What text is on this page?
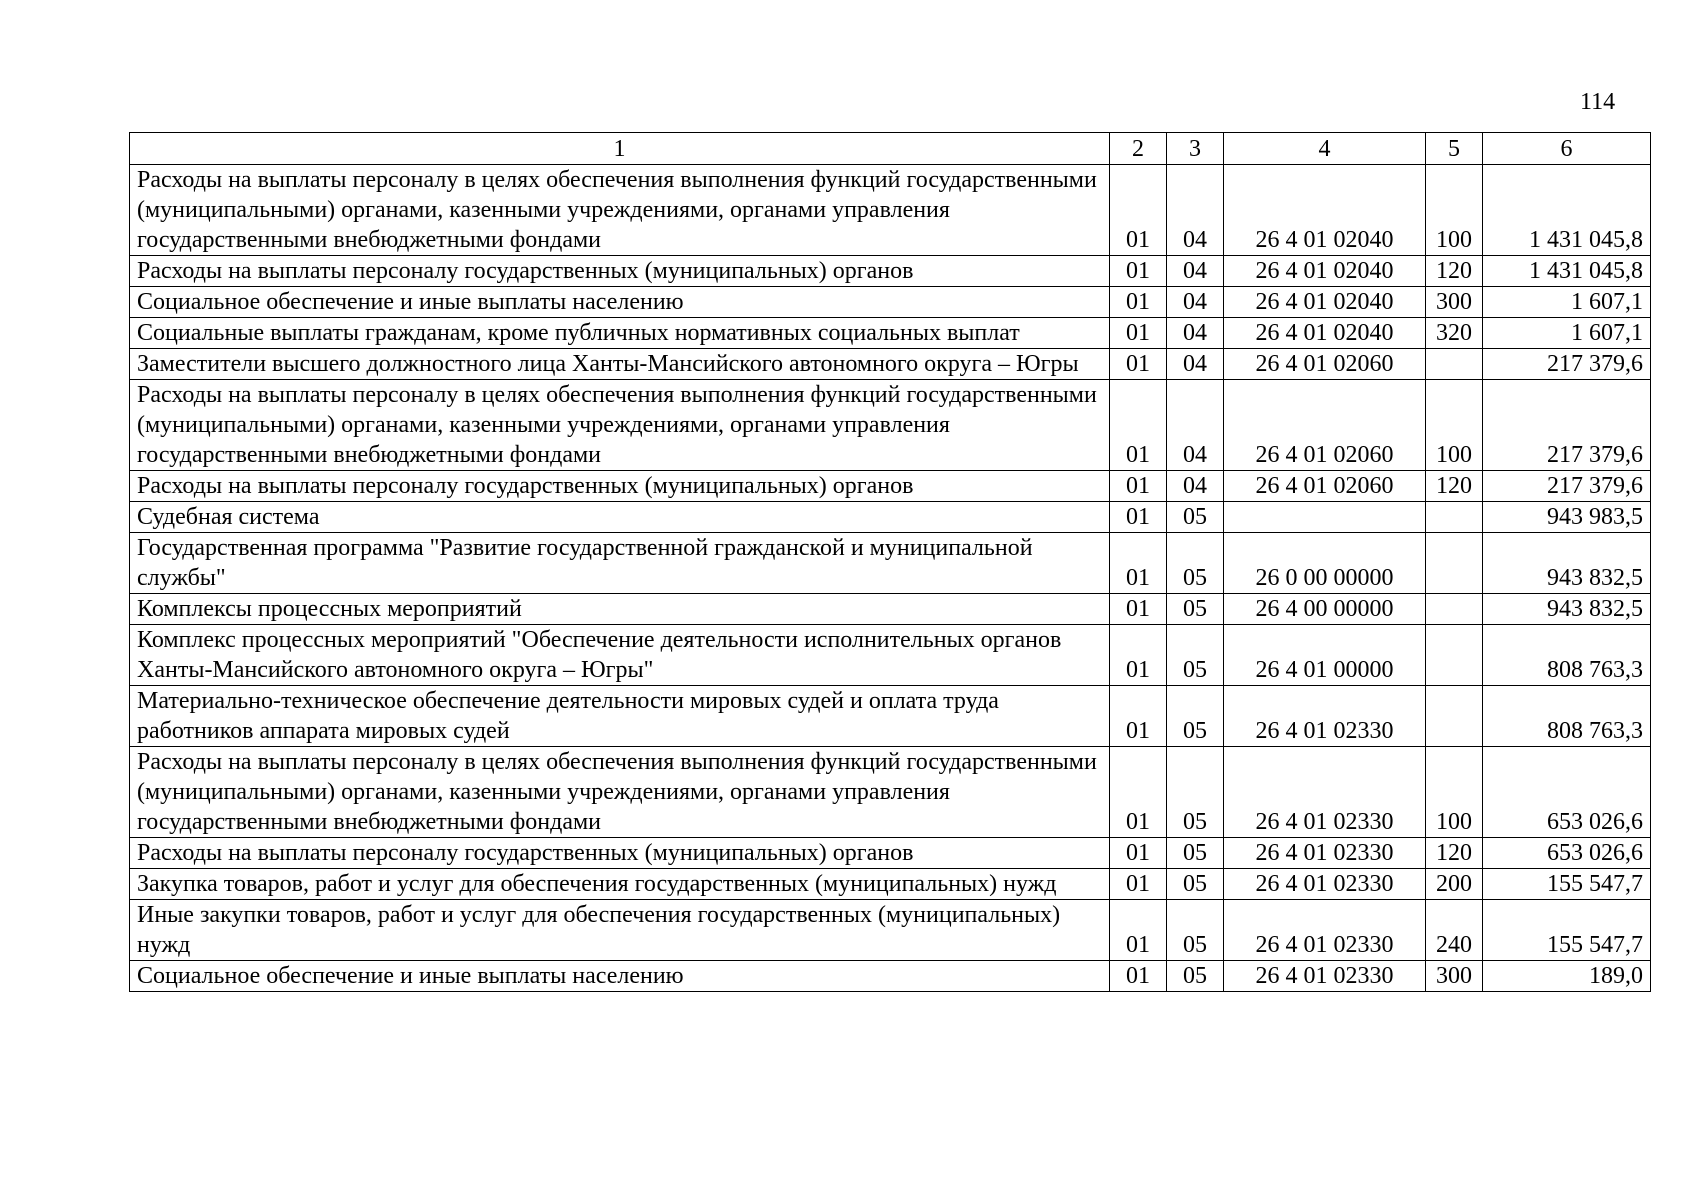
114
1	2	3	4	5	6
Расходы на выплаты персоналу в целях обеспечения выполнения функций государственными (муниципальными) органами, казенными учреждениями, органами управления государственными внебюджетными фондами	01	04	26 4 01 02040	100	1 431 045,8
Расходы на выплаты персоналу государственных (муниципальных) органов	01	04	26 4 01 02040	120	1 431 045,8
Социальное обеспечение и иные выплаты населению	01	04	26 4 01 02040	300	1 607,1
Социальные выплаты гражданам, кроме публичных нормативных социальных выплат	01	04	26 4 01 02040	320	1 607,1
Заместители высшего должностного лица Ханты-Мансийского автономного округа – Югры	01	04	26 4 01 02060		217 379,6
Расходы на выплаты персоналу в целях обеспечения выполнения функций государственными (муниципальными) органами, казенными учреждениями, органами управления государственными внебюджетными фондами	01	04	26 4 01 02060	100	217 379,6
Расходы на выплаты персоналу государственных (муниципальных) органов	01	04	26 4 01 02060	120	217 379,6
Судебная система	01	05			943 983,5
Государственная программа "Развитие государственной гражданской и муниципальной службы"	01	05	26 0 00 00000		943 832,5
Комплексы процессных мероприятий	01	05	26 4 00 00000		943 832,5
Комплекс процессных мероприятий "Обеспечение деятельности исполнительных органов Ханты-Мансийского автономного округа – Югры"	01	05	26 4 01 00000		808 763,3
Материально-техническое обеспечение деятельности мировых судей и оплата труда работников аппарата мировых судей	01	05	26 4 01 02330		808 763,3
Расходы на выплаты персоналу в целях обеспечения выполнения функций государственными (муниципальными) органами, казенными учреждениями, органами управления государственными внебюджетными фондами	01	05	26 4 01 02330	100	653 026,6
Расходы на выплаты персоналу государственных (муниципальных) органов	01	05	26 4 01 02330	120	653 026,6
Закупка товаров, работ и услуг для обеспечения государственных (муниципальных) нужд	01	05	26 4 01 02330	200	155 547,7
Иные закупки товаров, работ и услуг для обеспечения государственных (муниципальных) нужд	01	05	26 4 01 02330	240	155 547,7
Социальное обеспечение и иные выплаты населению	01	05	26 4 01 02330	300	189,0
